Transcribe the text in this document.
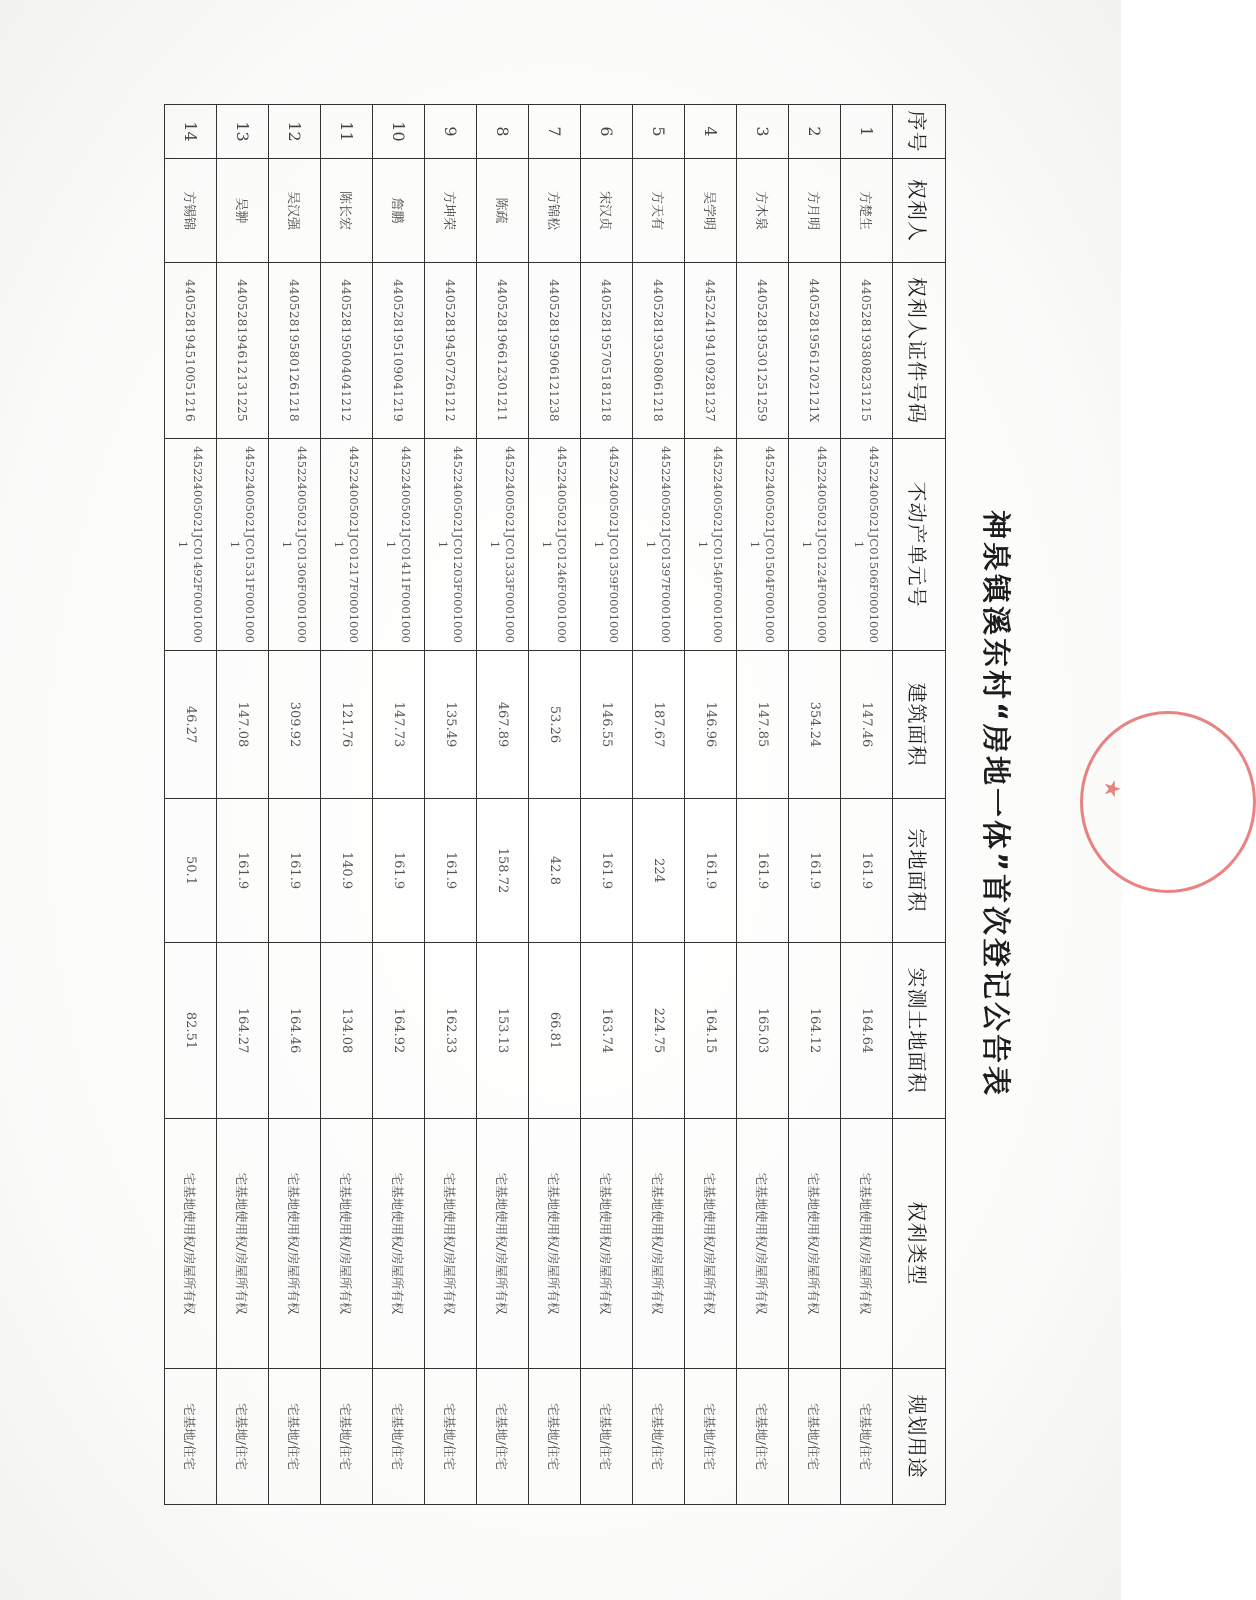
神泉镇溪东村“房地一体”首次登记公告表
序号	权利人	权利人证件号码	不动产单元号	建筑面积	宗地面积	实测土地面积	权利类型	规划用途
1	方楚生	440528193808231215	445224005021JC01506F00010001	147.46	161.9	164.64	宅基地使用权/房屋所有权	宅基地/住宅
2	方月明	44052819561202121X	445224005021JC01224F00010001	354.24	161.9	164.12	宅基地使用权/房屋所有权	宅基地/住宅
3	方木泉	440528195301251259	445224005021JC01504F00010001	147.85	161.9	165.03	宅基地使用权/房屋所有权	宅基地/住宅
4	吴学明	445224194109281237	445224005021JC01540F00010001	146.96	161.9	164.15	宅基地使用权/房屋所有权	宅基地/住宅
5	方天有	440528193508061218	445224005021JC01397F00010001	187.67	224	224.75	宅基地使用权/房屋所有权	宅基地/住宅
6	宋汉贞	440528195705181218	445224005021JC01359F00010001	146.55	161.9	163.74	宅基地使用权/房屋所有权	宅基地/住宅
7	方锦松	440528195906121238	445224005021JC01246F00010001	53.26	42.8	66.81	宅基地使用权/房屋所有权	宅基地/住宅
8	陈疏	440528196612301211	445224005021JC01333F00010001	467.89	158.72	153.13	宅基地使用权/房屋所有权	宅基地/住宅
9	方坤荣	440528194507261212	445224005021JC01203F00010001	135.49	161.9	162.33	宅基地使用权/房屋所有权	宅基地/住宅
10	詹鹏	440528195109041219	445224005021JC01411F00010001	147.73	161.9	164.92	宅基地使用权/房屋所有权	宅基地/住宅
11	陈长宏	440528195004041212	445224005021JC01217F00010001	121.76	140.9	134.08	宅基地使用权/房屋所有权	宅基地/住宅
12	吴汉强	440528195801261218	445224005021JC01306F00010001	309.92	161.9	164.46	宅基地使用权/房屋所有权	宅基地/住宅
13	吴翀	440528194612131225	445224005021JC01531F00010001	147.08	161.9	164.27	宅基地使用权/房屋所有权	宅基地/住宅
14	方锡锦	440528194510051216	445224005021JC01492F00010001	46.27	50.1	82.51	宅基地使用权/房屋所有权	宅基地/住宅
★
